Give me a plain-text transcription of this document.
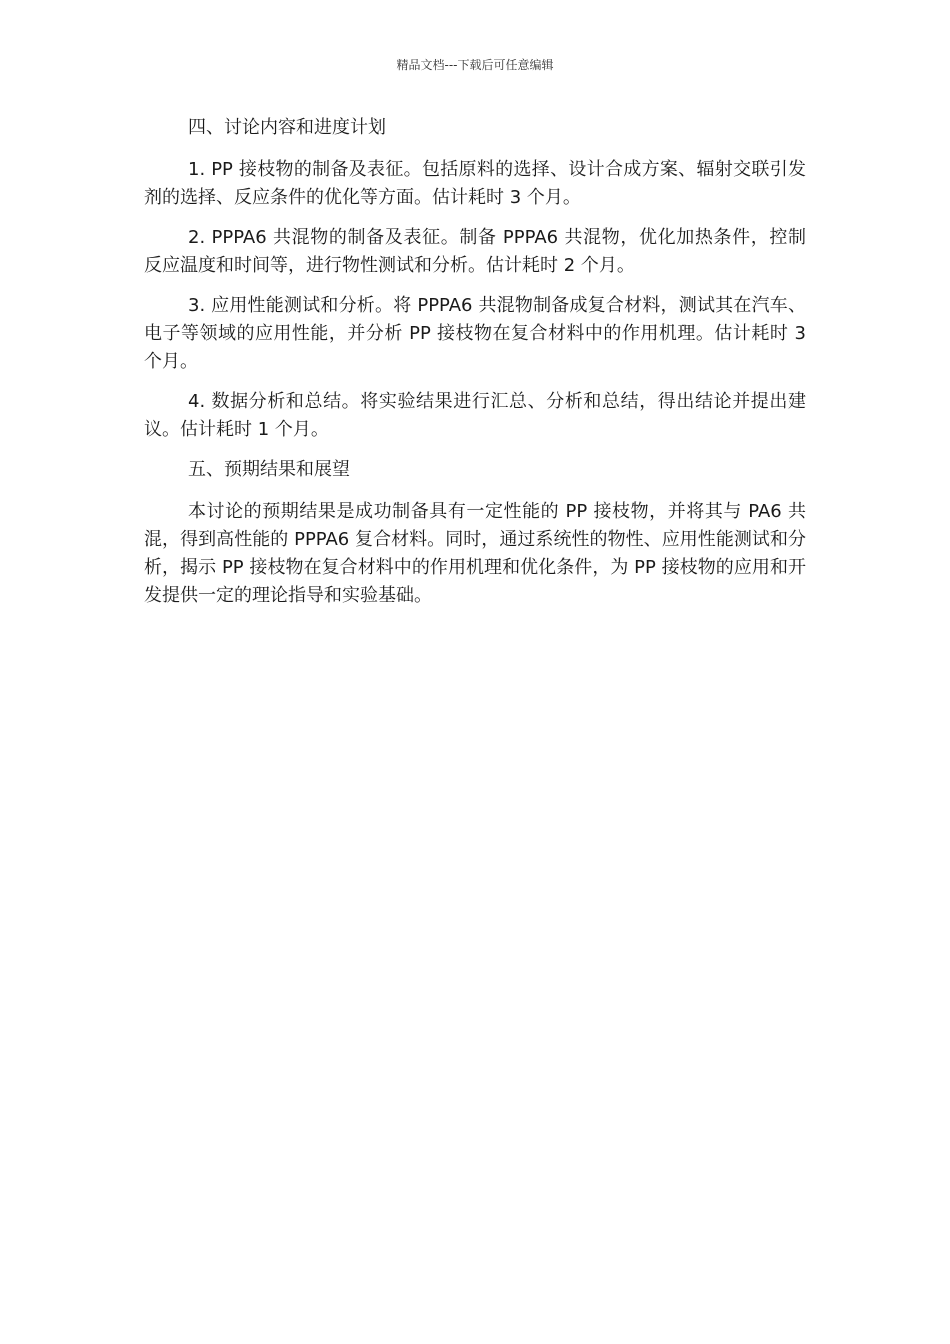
精品文档---下载后可任意编辑
四、讨论内容和进度计划
1. PP 接枝物的制备及表征。包括原料的选择、设计合成方案、辐射交联引发剂的选择、反应条件的优化等方面。估计耗时 3 个月。
2. PPPA6 共混物的制备及表征。制备 PPPA6 共混物，优化加热条件，控制反应温度和时间等，进行物性测试和分析。估计耗时 2 个月。
3. 应用性能测试和分析。将 PPPA6 共混物制备成复合材料，测试其在汽车、电子等领域的应用性能，并分析 PP 接枝物在复合材料中的作用机理。估计耗时 3 个月。
4. 数据分析和总结。将实验结果进行汇总、分析和总结，得出结论并提出建议。估计耗时 1 个月。
五、预期结果和展望
本讨论的预期结果是成功制备具有一定性能的 PP 接枝物，并将其与 PA6 共混，得到高性能的 PPPA6 复合材料。同时，通过系统性的物性、应用性能测试和分析，揭示 PP 接枝物在复合材料中的作用机理和优化条件，为 PP 接枝物的应用和开发提供一定的理论指导和实验基础。
